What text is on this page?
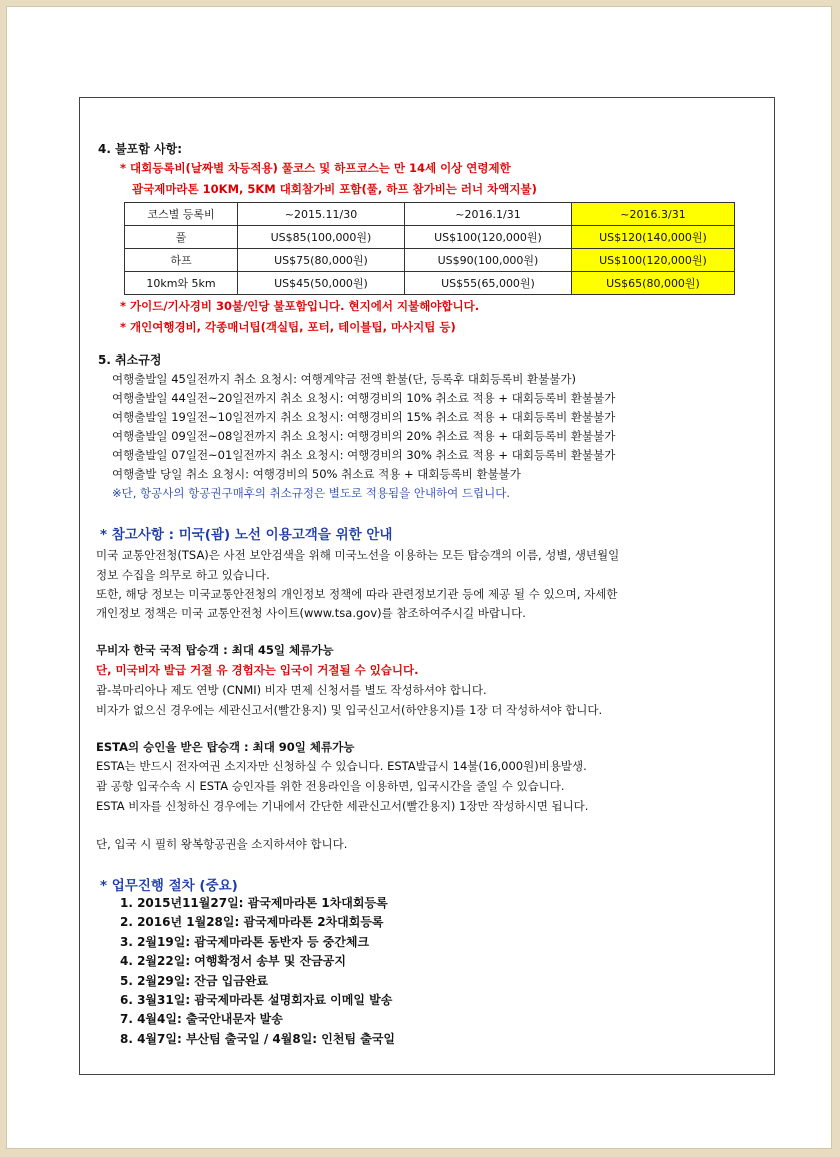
4. 불포함 사항:
* 대회등록비(날짜별 차등적용) 풀코스 및 하프코스는 만 14세 이상 연령제한
괌국제마라톤 10KM, 5KM 대회참가비 포함(풀, 하프 참가비는 러너 차액지불)
코스별 등록비	~2015.11/30	~2016.1/31	~2016.3/31
풀	US$85(100,000원)	US$100(120,000원)	US$120(140,000원)
하프	US$75(80,000원)	US$90(100,000원)	US$100(120,000원)
10km와 5km	US$45(50,000원)	US$55(65,000원)	US$65(80,000원)
* 가이드/기사경비 30불/인당 불포함입니다. 현지에서 지불해야합니다.
* 개인여행경비, 각종매너팁(객실팁, 포터, 테이블팁, 마사지팁 등)
5. 취소규정
여행출발일 45일전까지 취소 요청시: 여행계약금 전액 환불(단, 등록후 대회등록비 환불불가)
여행출발일 44일전~20일전까지 취소 요청시: 여행경비의 10% 취소료 적용 + 대회등록비 환불불가
여행출발일 19일전~10일전까지 취소 요청시: 여행경비의 15% 취소료 적용 + 대회등록비 환불불가
여행출발일 09일전~08일전까지 취소 요청시: 여행경비의 20% 취소료 적용 + 대회등록비 환불불가
여행출발일 07일전~01일전까지 취소 요청시: 여행경비의 30% 취소료 적용 + 대회등록비 환불불가
여행출발 당일 취소 요청시: 여행경비의 50% 취소료 적용 + 대회등록비 환불불가
※단, 항공사의 항공권구매후의 취소규정은 별도로 적용됨을 안내하여 드립니다.
* 참고사항 : 미국(괌) 노선 이용고객을 위한 안내
미국 교통안전청(TSA)은 사전 보안검색을 위해 미국노선을 이용하는 모든 탑승객의 이름, 성별, 생년월일
정보 수집을 의무로 하고 있습니다.
또한, 해당 정보는 미국교통안전청의 개인정보 정책에 따라 관련정보기관 등에 제공 될 수 있으며, 자세한
개인정보 정책은 미국 교통안전청 사이트(www.tsa.gov)를 참조하여주시길 바랍니다.
무비자 한국 국적 탑승객 : 최대 45일 체류가능
단, 미국비자 발급 거절 유 경험자는 입국이 거절될 수 있습니다.
괌-북마리아나 제도 연방 (CNMI) 비자 면제 신청서를 별도 작성하셔야 합니다.
비자가 없으신 경우에는 세관신고서(빨간용지) 및 입국신고서(하얀용지)를 1장 더 작성하셔야 합니다.
ESTA의 승인을 받은 탑승객 : 최대 90일 체류가능
ESTA는 반드시 전자여권 소지자만 신청하실 수 있습니다. ESTA발급시 14불(16,000원)비용발생.
괌 공항 입국수속 시 ESTA 승인자를 위한 전용라인을 이용하면, 입국시간을 줄일 수 있습니다.
ESTA 비자를 신청하신 경우에는 기내에서 간단한 세관신고서(빨간용지) 1장만 작성하시면 됩니다.
단, 입국 시 필히 왕복항공권을 소지하셔야 합니다.
* 업무진행 절차 (중요)
1. 2015년11월27일: 괌국제마라톤 1차대회등록
2. 2016년 1월28일: 괌국제마라톤 2차대회등록
3. 2월19일: 괌국제마라톤 동반자 등 중간체크
4. 2월22일: 여행확정서 송부 및 잔금공지
5. 2월29일: 잔금 입금완료
6. 3월31일: 괌국제마라톤 설명회자료 이메일 발송
7. 4월4일: 출국안내문자 발송
8. 4월7일: 부산팀 출국일 / 4월8일: 인천팀 출국일
